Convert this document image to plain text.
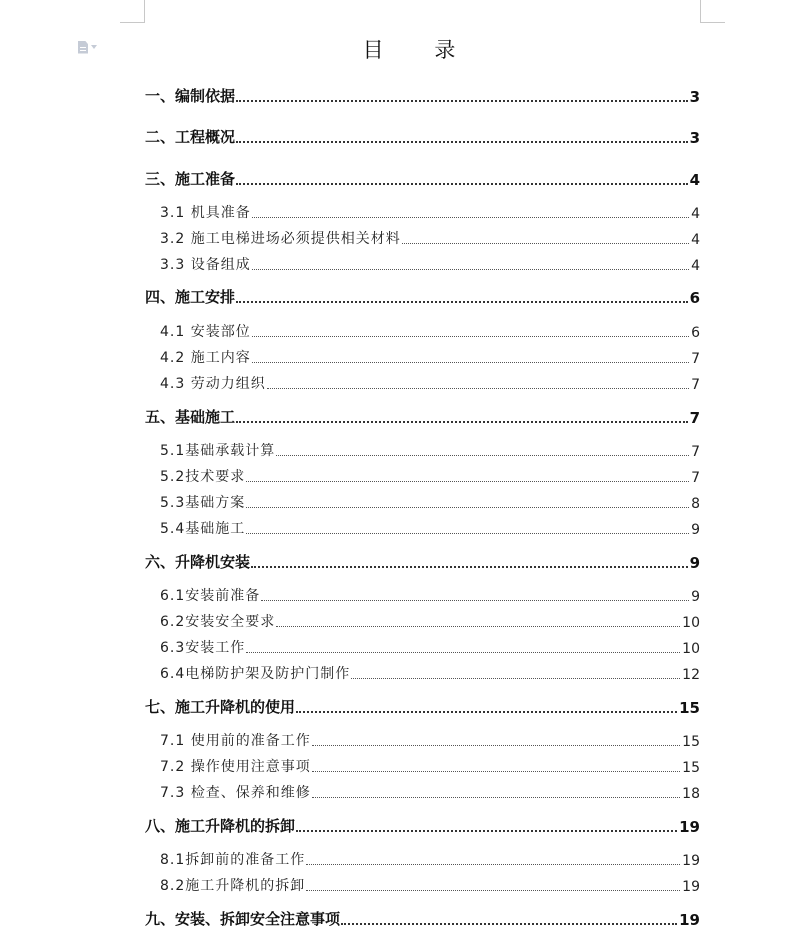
目 录
一、编制依据	3
二、工程概况	3
三、施工准备	4
3.1 机具准备	4
3.2 施工电梯进场必须提供相关材料	4
3.3 设备组成	4
四、施工安排	6
4.1 安装部位	6
4.2 施工内容	7
4.3 劳动力组织	7
五、基础施工	7
5.1基础承载计算	7
5.2技术要求	7
5.3基础方案	8
5.4基础施工	9
六、升降机安装	9
6.1安装前准备	9
6.2安装安全要求	10
6.3安装工作	10
6.4电梯防护架及防护门制作	12
七、施工升降机的使用	15
7.1 使用前的准备工作	15
7.2 操作使用注意事项	15
7.3 检查、保养和维修	18
八、施工升降机的拆卸	19
8.1拆卸前的准备工作	19
8.2施工升降机的拆卸	19
九、安装、拆卸安全注意事项	19
